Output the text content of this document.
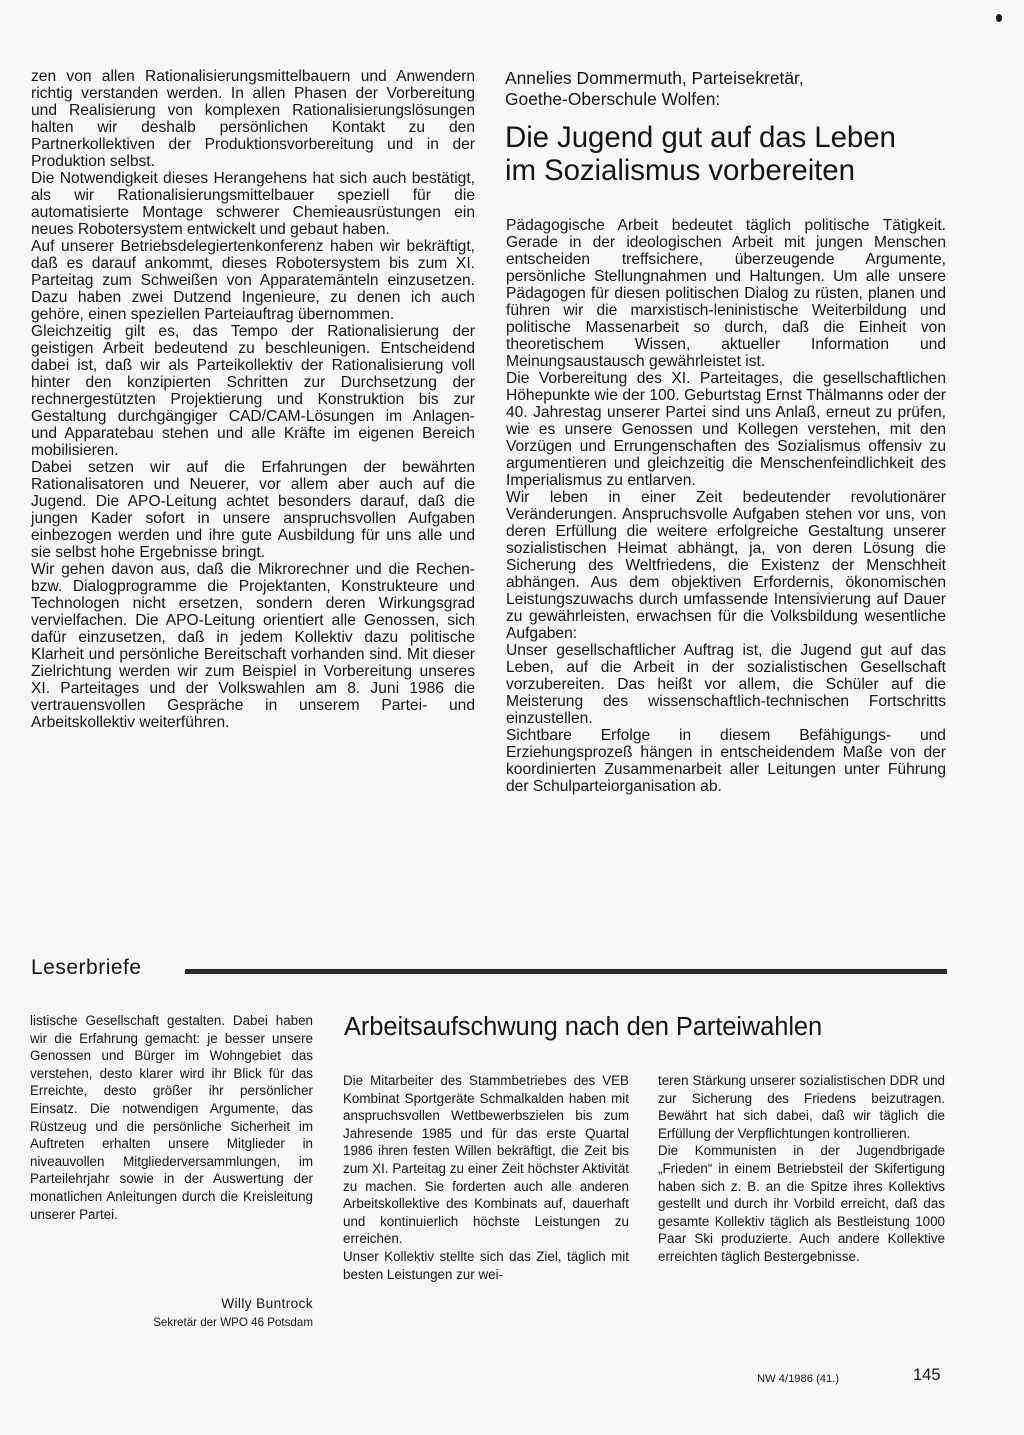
zen von allen Rationalisierungsmittelbauern und Anwendern richtig verstanden werden. In allen Phasen der Vorbereitung und Realisierung von komplexen Rationalisierungslösungen halten wir deshalb persönlichen Kontakt zu den Partnerkollektiven der Produktionsvorbereitung und in der Produktion selbst.

Die Notwendigkeit dieses Herangehens hat sich auch bestätigt, als wir Rationalisierungsmittelbauer speziell für die automatisierte Montage schwerer Chemieausrüstungen ein neues Robotersystem entwickelt und gebaut haben.

Auf unserer Betriebsdelegiertenkonferenz haben wir bekräftigt, daß es darauf ankommt, dieses Robotersystem bis zum XI. Parteitag zum Schweißen von Apparatemänteln einzusetzen. Dazu haben zwei Dutzend Ingenieure, zu denen ich auch gehöre, einen speziellen Parteiauftrag übernommen.

Gleichzeitig gilt es, das Tempo der Rationalisierung der geistigen Arbeit bedeutend zu beschleunigen. Entscheidend dabei ist, daß wir als Parteikollektiv der Rationalisierung voll hinter den konzipierten Schritten zur Durchsetzung der rechnergestützten Projektierung und Konstruktion bis zur Gestaltung durchgängiger CAD/CAM-Lösungen im Anlagen- und Apparatebau stehen und alle Kräfte im eigenen Bereich mobilisieren.

Dabei setzen wir auf die Erfahrungen der bewährten Rationalisatoren und Neuerer, vor allem aber auch auf die Jugend. Die APO-Leitung achtet besonders darauf, daß die jungen Kader sofort in unsere anspruchsvollen Aufgaben einbezogen werden und ihre gute Ausbildung für uns alle und sie selbst hohe Ergebnisse bringt.

Wir gehen davon aus, daß die Mikrorechner und die Rechen- bzw. Dialogprogramme die Projektanten, Konstrukteure und Technologen nicht ersetzen, sondern deren Wirkungsgrad vervielfachen. Die APO-Leitung orientiert alle Genossen, sich dafür einzusetzen, daß in jedem Kollektiv dazu politische Klarheit und persönliche Bereitschaft vorhanden sind. Mit dieser Zielrichtung werden wir zum Beispiel in Vorbereitung unseres XI. Parteitages und der Volkswahlen am 8. Juni 1986 die vertrauensvollen Gespräche in unserem Partei- und Arbeitskollektiv weiterführen.

Annelies Dommermuth, Parteisekretär,

Goethe-Oberschule Wolfen:

Die Jugend gut auf das Leben
im Sozialismus vorbereiten

Pädagogische Arbeit bedeutet täglich politische Tätigkeit. Gerade in der ideologischen Arbeit mit jungen Menschen entscheiden treffsichere, überzeugende Argumente, persönliche Stellungnahmen und Haltungen. Um alle unsere Pädagogen für diesen politischen Dialog zu rüsten, planen und führen wir die marxistisch-leninistische Weiterbildung und politische Massenarbeit so durch, daß die Einheit von theoretischem Wissen, aktueller Information und Meinungsaustausch gewährleistet ist.

Die Vorbereitung des XI. Parteitages, die gesellschaftlichen Höhepunkte wie der 100. Geburtstag Ernst Thälmanns oder der 40. Jahrestag unserer Partei sind uns Anlaß, erneut zu prüfen, wie es unsere Genossen und Kollegen verstehen, mit den Vorzügen und Errungenschaften des Sozialismus offensiv zu argumentieren und gleichzeitig die Menschenfeindlichkeit des Imperialismus zu entlarven.

Wir leben in einer Zeit bedeutender revolutionärer Veränderungen. Anspruchsvolle Aufgaben stehen vor uns, von deren Erfüllung die weitere erfolgreiche Gestaltung unserer sozialistischen Heimat abhängt, ja, von deren Lösung die Sicherung des Weltfriedens, die Existenz der Menschheit abhängen. Aus dem objektiven Erfordernis, ökonomischen Leistungszuwachs durch umfassende Intensivierung auf Dauer zu gewährleisten, erwachsen für die Volksbildung wesentliche Aufgaben:

Unser gesellschaftlicher Auftrag ist, die Jugend gut auf das Leben, auf die Arbeit in der sozialistischen Gesellschaft vorzubereiten. Das heißt vor allem, die Schüler auf die Meisterung des wissenschaftlich-technischen Fortschritts einzustellen.

Sichtbare Erfolge in diesem Befähigungs- und Erziehungsprozeß hängen in entscheidendem Maße von der koordinierten Zusammenarbeit aller Leitungen unter Führung der Schulparteiorganisation ab.

Leserbriefe

listische Gesellschaft gestalten. Dabei haben wir die Erfahrung gemacht: je besser unsere Genossen und Bürger im Wohngebiet das verstehen, desto klarer wird ihr Blick für das Erreichte, desto größer ihr persönlicher Einsatz. Die notwendigen Argumente, das Rüstzeug und die persönliche Sicherheit im Auftreten erhalten unsere Mitglieder in niveauvollen Mitgliederversammlungen, im Parteilehrjahr sowie in der Auswertung der monatlichen Anleitungen durch die Kreisleitung unserer Partei.

Willy Buntrock
Sekretär der WPO 46 Potsdam
Arbeitsaufschwung nach den Parteiwahlen

Die Mitarbeiter des Stammbetriebes des VEB Kombinat Sportgeräte Schmalkalden haben mit anspruchsvollen Wettbewerbszielen bis zum Jahresende 1985 und für das erste Quartal 1986 ihren festen Willen bekräftigt, die Zeit bis zum XI. Parteitag zu einer Zeit höchster Aktivität zu machen. Sie forderten auch alle anderen Arbeitskollektive des Kombinats auf, dauerhaft und kontinuierlich höchste Leistungen zu erreichen.

Unser Kollektiv stellte sich das Ziel, täglich mit besten Leistungen zur wei-

teren Stärkung unserer sozialistischen DDR und zur Sicherung des Friedens beizutragen. Bewährt hat sich dabei, daß wir täglich die Erfüllung der Verpflichtungen kontrollieren.

Die Kommunisten in der Jugendbrigade „Frieden“ in einem Betriebsteil der Skifertigung haben sich z. B. an die Spitze ihres Kollektivs gestellt und durch ihr Vorbild erreicht, daß das gesamte Kollektiv täglich als Bestleistung 1000 Paar Ski produzierte. Auch andere Kollektive erreichten täglich Bestergebnisse.

NW 4/1986 (41.)	145
